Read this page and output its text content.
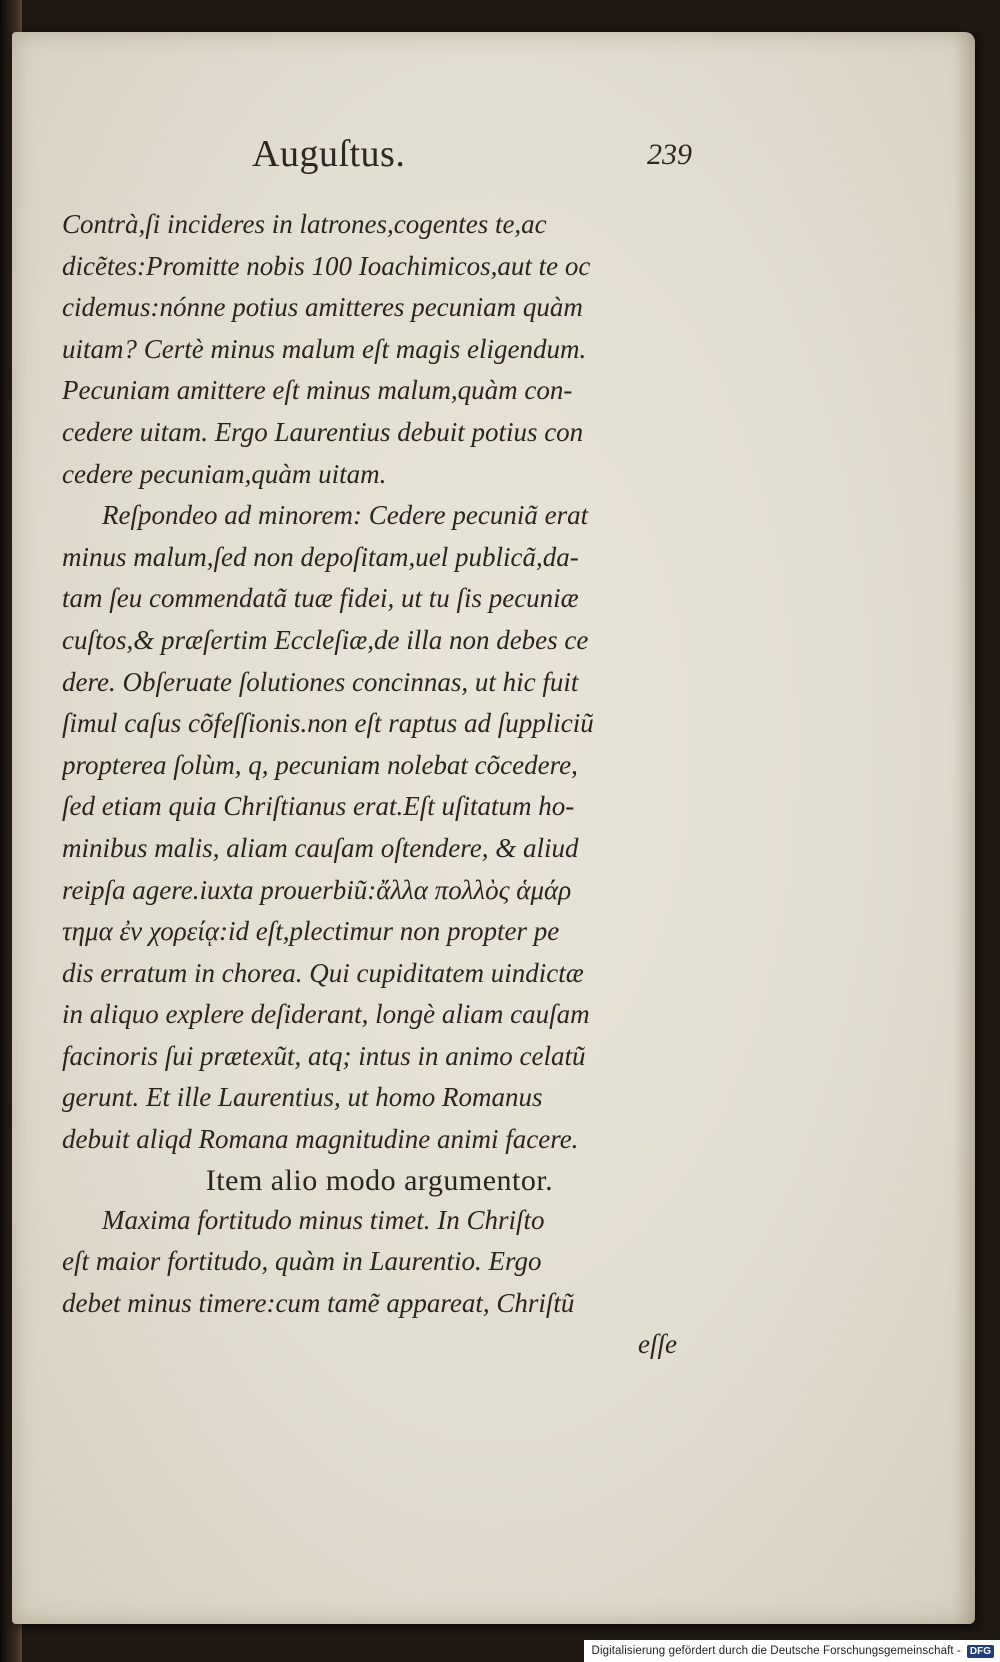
Auguſtus.	239
Contrà,ſi incideres in latrones,cogentes te,ac
dicẽtes:Promitte nobis 100 Ioachimicos,aut te oc
cidemus:nónne potius amitteres pecuniam quàm
uitam? Certè minus malum eſt magis eligendum.
Pecuniam amittere eſt minus malum,quàm con-
cedere uitam. Ergo Laurentius debuit potius con
cedere pecuniam,quàm uitam.
Reſpondeo ad minorem: Cedere pecuniã erat
minus malum,ſed non depoſitam,uel publicã,da-
tam ſeu commendatã tuæ fidei, ut tu ſis pecuniæ
cuſtos,& præſertim Eccleſiæ,de illa non debes ce
dere. Obſeruate ſolutiones concinnas, ut hic fuit
ſimul caſus cõfeſſionis.non eſt raptus ad ſuppliciũ
propterea ſolùm, q, pecuniam nolebat cõcedere,
ſed etiam quia Chriſtianus erat.Eſt uſitatum ho-
minibus malis, aliam cauſam oſtendere, & aliud
reipſa agere.iuxta prouerbiũ:ἄλλα πολλὸς ἁμάρ
τημα ἐν χορείᾳ:id eſt,plectimur non propter pe
dis erratum in chorea. Qui cupiditatem uindictæ
in aliquo explere deſiderant, longè aliam cauſam
facinoris ſui prætexũt, atq; intus in animo celatũ
gerunt. Et ille Laurentius, ut homo Romanus
debuit aliqd Romana magnitudine animi facere.
Item alio modo argumentor.
Maxima fortitudo minus timet. In Chriſto
eſt maior fortitudo, quàm in Laurentio. Ergo
debet minus timere:cum tamẽ appareat, Chriſtũ
eſſe
Digitalisierung gefördert durch die Deutsche Forschungsgemeinschaft - DFG
